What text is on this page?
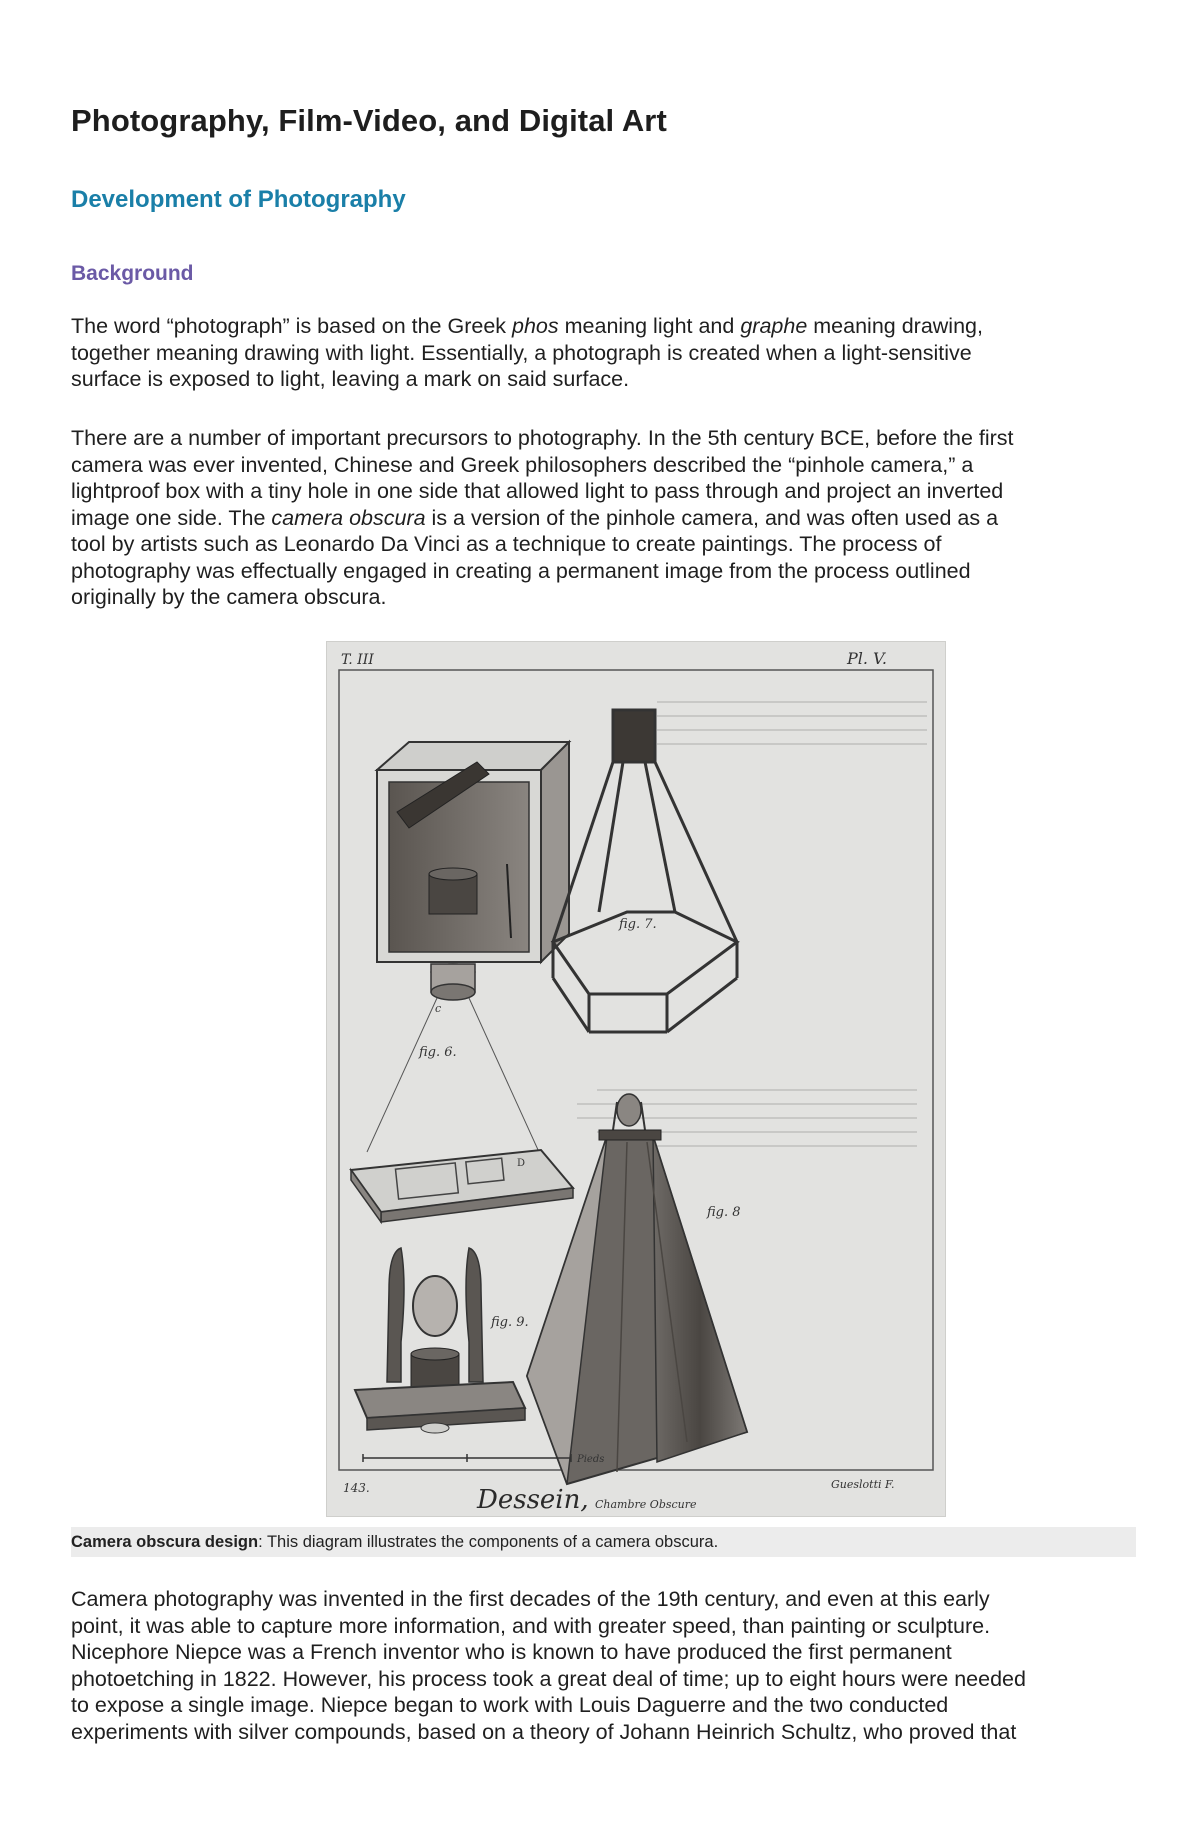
Photography, Film-Video, and Digital Art
Development of Photography
Background
The word “photograph” is based on the Greek phos meaning light and graphe meaning drawing,
together meaning drawing with light. Essentially, a photograph is created when a light-sensitive
surface is exposed to light, leaving a mark on said surface.
There are a number of important precursors to photography. In the 5th century BCE, before the first
camera was ever invented, Chinese and Greek philosophers described the “pinhole camera,” a
lightproof box with a tiny hole in one side that allowed light to pass through and project an inverted
image one side. The camera obscura is a version of the pinhole camera, and was often used as a
tool by artists such as Leonardo Da Vinci as a technique to create paintings. The process of
photography was effectually engaged in creating a permanent image from the process outlined
originally by the camera obscura.
T. III	Pl. V.
c
fig. 6.
D
fig. 7.
fig. 8
fig. 9.
Pieds
143.	Dessein, Chambre Obscure
Gueslotti F.
Camera obscura design: This diagram illustrates the components of a camera obscura.
Camera photography was invented in the first decades of the 19th century, and even at this early
point, it was able to capture more information, and with greater speed, than painting or sculpture.
Nicephore Niepce was a French inventor who is known to have produced the first permanent
photoetching in 1822. However, his process took a great deal of time; up to eight hours were needed
to expose a single image. Niepce began to work with Louis Daguerre and the two conducted
experiments with silver compounds, based on a theory of Johann Heinrich Schultz, who proved that
